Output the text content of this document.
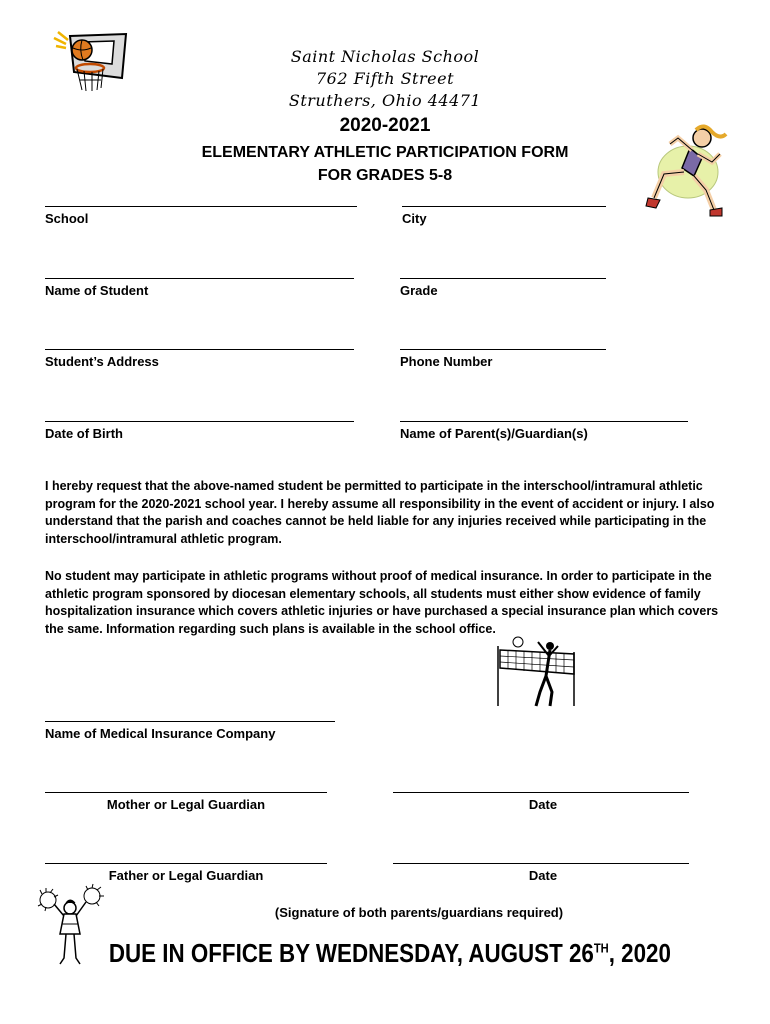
Saint Nicholas School
762 Fifth Street
Struthers, Ohio 44471
2020-2021
ELEMENTARY ATHLETIC PARTICIPATION FORM
FOR GRADES 5-8
School	City
Name of Student	Grade
Student’s Address	Phone Number
Date of Birth	Name of Parent(s)/Guardian(s)

I hereby request that the above-named student be permitted to participate in the interschool/intramural athletic program for the 2020-2021 school year. I hereby assume all responsibility in the event of accident or injury. I also understand that the parish and coaches cannot be held liable for any injuries received while participating in the interschool/intramural athletic program.

No student may participate in athletic programs without proof of medical insurance. In order to participate in the athletic program sponsored by diocesan elementary schools, all students must either show evidence of family hospitalization insurance which covers athletic injuries or have purchased a special insurance plan which covers the same. Information regarding such plans is available in the school office.

Name of Medical Insurance Company
Mother or Legal Guardian	Date
Father or Legal Guardian	Date
(Signature of both parents/guardians required)
DUE IN OFFICE BY WEDNESDAY, AUGUST 26TH, 2020
